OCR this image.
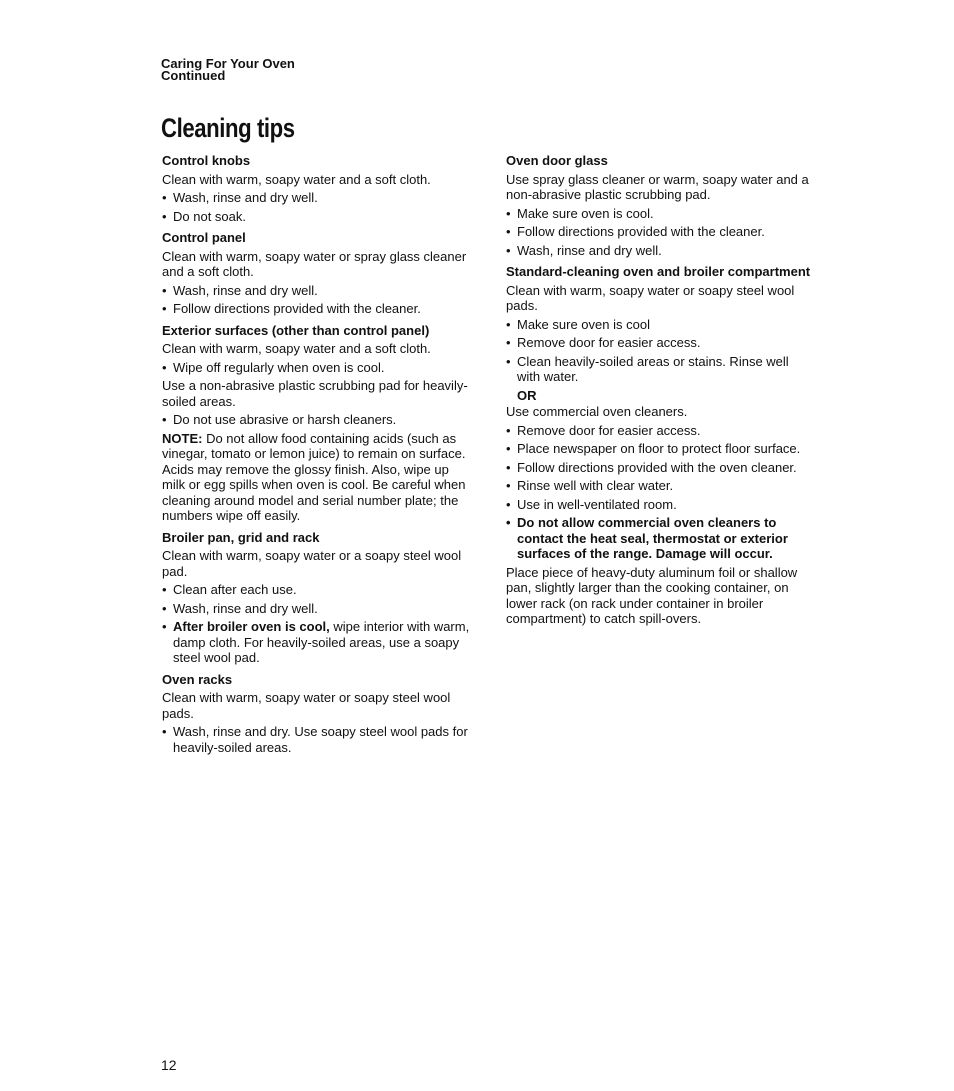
Caring For Your Oven
Continued
Cleaning tips
Control knobs

Clean with warm, soapy water and a soft cloth.

• Wash, rinse and dry well.
• Do not soak.
Control panel

Clean with warm, soapy water or spray glass cleaner and a soft cloth.

• Wash, rinse and dry well.
• Follow directions provided with the cleaner.
Exterior surfaces (other than control panel)

Clean with warm, soapy water and a soft cloth.

• Wipe off regularly when oven is cool.

Use a non-abrasive plastic scrubbing pad for heavily-soiled areas.

• Do not use abrasive or harsh cleaners.

NOTE: Do not allow food containing acids (such as vinegar, tomato or lemon juice) to remain on surface. Acids may remove the glossy finish. Also, wipe up milk or egg spills when oven is cool. Be careful when cleaning around model and serial number plate; the numbers wipe off easily.

Broiler pan, grid and rack

Clean with warm, soapy water or a soapy steel wool pad.

• Clean after each use.
• Wash, rinse and dry well.
• After broiler oven is cool, wipe interior with warm, damp cloth. For heavily-soiled areas, use a soapy steel wool pad.
Oven racks

Clean with warm, soapy water or soapy steel wool pads.

• Wash, rinse and dry. Use soapy steel wool pads for heavily-soiled areas.
Oven door glass

Use spray glass cleaner or warm, soapy water and a non-abrasive plastic scrubbing pad.

• Make sure oven is cool.
• Follow directions provided with the cleaner.
• Wash, rinse and dry well.
Standard-cleaning oven and broiler compartment

Clean with warm, soapy water or soapy steel wool pads.

• Make sure oven is cool
• Remove door for easier access.
• Clean heavily-soiled areas or stains. Rinse well with water.
OR

Use commercial oven cleaners.

• Remove door for easier access.
• Place newspaper on floor to protect floor surface.
• Follow directions provided with the oven cleaner.
• Rinse well with clear water.
• Use in well-ventilated room.
• Do not allow commercial oven cleaners to contact the heat seal, thermostat or exterior surfaces of the range. Damage will occur.

Place piece of heavy-duty aluminum foil or shallow pan, slightly larger than the cooking container, on lower rack (on rack under container in broiler compartment) to catch spill-overs.

12
